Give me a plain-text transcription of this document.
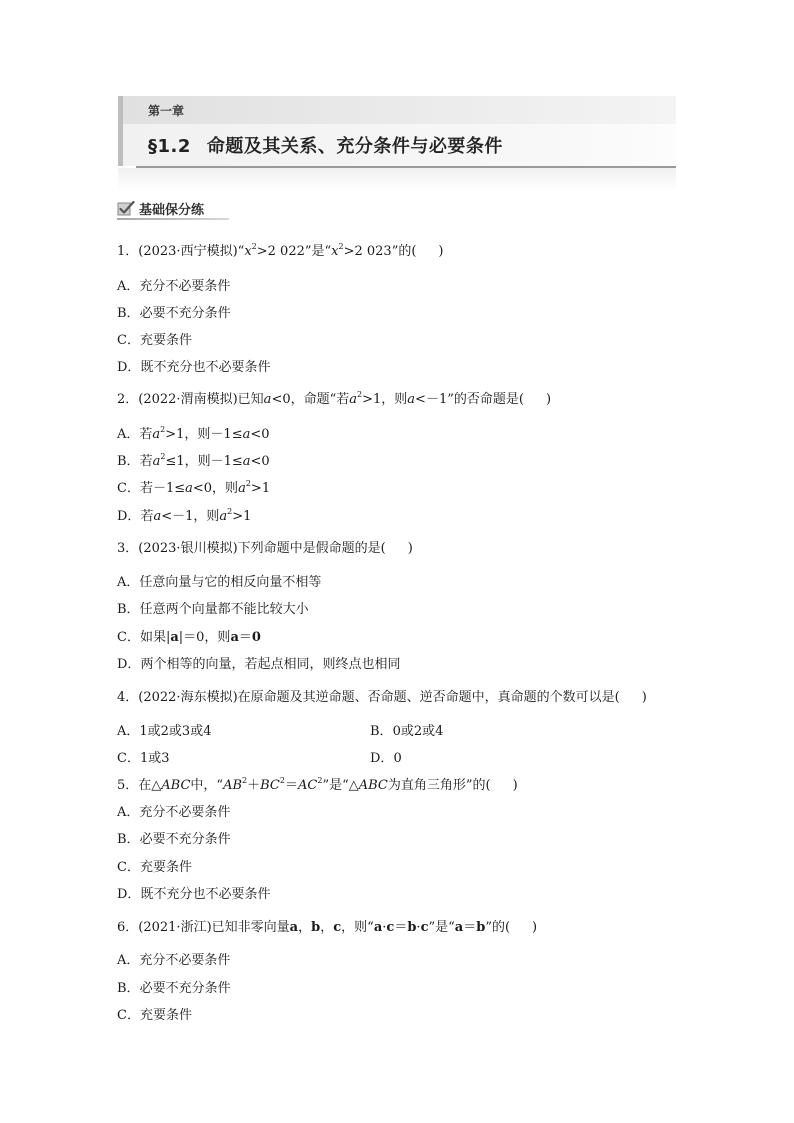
第一章
§1.2 命题及其关系、充分条件与必要条件
基础保分练
1．(2023·西宁模拟)“$x^2>2$ 022”是“$x^2>2$ 023”的( )
A．充分不必要条件
B．必要不充分条件
C．充要条件
D．既不充分也不必要条件
2．(2022·渭南模拟)已知a<0，命题“若$a^2>1$，则a<－1”的否命题是( )
A．若$a^2>1$，则－1≤a<0
B．若$a^2\le 1$，则－1≤a<0
C．若－1≤a<0，则$a^2>1$
D．若a<－1，则$a^2>1$
3．(2023·银川模拟)下列命题中是假命题的是( )
A．任意向量与它的相反向量不相等
B．任意两个向量都不能比较大小
C．如果|a|＝0，则a＝0
D．两个相等的向量，若起点相同，则终点也相同
4．(2022·海东模拟)在原命题及其逆命题、否命题、逆否命题中，真命题的个数可以是( )
A．1或2或3或4	B．0或2或4
C．1或3	D．0
5．在△ABC中，“$AB^2+BC^2=AC^2$”是“△ABC为直角三角形”的( )
A．充分不必要条件
B．必要不充分条件
C．充要条件
D．既不充分也不必要条件
6．(2021·浙江)已知非零向量a，b，c，则“a·c＝b·c”是“a＝b”的( )
A．充分不必要条件
B．必要不充分条件
C．充要条件
